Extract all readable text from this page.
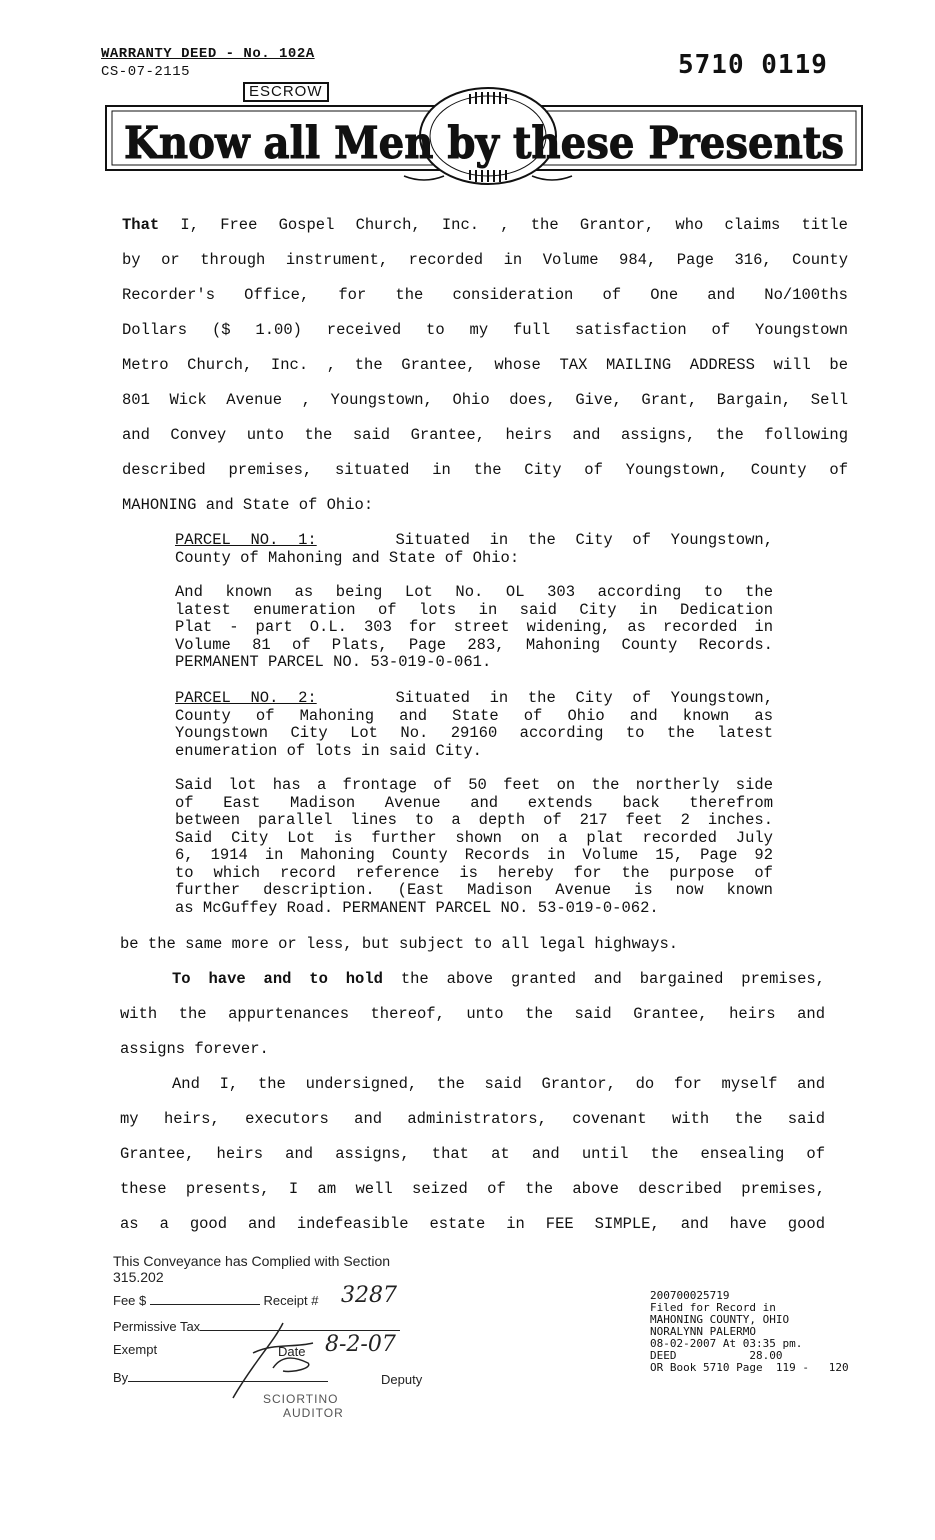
WARRANTY DEED - No. 102A
CS-07-2115	5710 0119
Know all Men by these Presents
ESCROW

That I, Free Gospel Church, Inc. , the Grantor, who claims title

by or through instrument, recorded in Volume 984, Page 316, County

Recorder's Office, for the consideration of One and No/100ths

Dollars ($ 1.00) received to my full satisfaction of Youngstown

Metro Church, Inc. , the Grantee, whose TAX MAILING ADDRESS will be

801 Wick Avenue , Youngstown, Ohio does, Give, Grant, Bargain, Sell

and Convey unto the said Grantee, heirs and assigns, the following

described premises, situated in the City of Youngstown, County of

MAHONING and State of Ohio:

PARCEL NO. 1:	Situated in the City of Youngstown,

County of Mahoning and State of Ohio:

And known as being Lot No. OL 303 according to the

latest enumeration of lots in said City in Dedication

Plat - part O.L. 303 for street widening, as recorded in

Volume 81 of Plats, Page 283, Mahoning County Records.

PERMANENT PARCEL NO. 53-019-0-061.

PARCEL NO. 2:	Situated in the City of Youngstown,

County of Mahoning and State of Ohio and known as

Youngstown City Lot No. 29160 according to the latest

enumeration of lots in said City.

Said lot has a frontage of 50 feet on the northerly side

of East Madison Avenue and extends back therefrom

between parallel lines to a depth of 217 feet 2 inches.

Said City Lot is further shown on a plat recorded July

6, 1914 in Mahoning County Records in Volume 15, Page 92

to which record reference is hereby for the purpose of

further description. (East Madison Avenue is now known

as McGuffey Road. PERMANENT PARCEL NO. 53-019-0-062.

be the same more or less, but subject to all legal highways.

To have and to hold the above granted and bargained premises,

with the appurtenances thereof, unto the said Grantee, heirs and

assigns forever.

And I, the undersigned, the said Grantor, do for myself and

my heirs, executors and administrators, covenant with the said

Grantee, heirs and assigns, that at and until the ensealing of

these presents, I am well seized of the above described premises,

as a good and indefeasible estate in FEE SIMPLE, and have good

This Conveyance has Complied with Section 315.202
Fee $	Receipt # 3287
Permissive Tax
Exempt	Date 8-2-07
By	Deputy
SCIORTINO
AUDITOR
200700025719
Filed for Record in
MAHONING COUNTY, OHIO
NORALYNN PALERMO
08-02-2007 At 03:35 pm.
DEED           28.00
OR Book 5710 Page  119 -   120
